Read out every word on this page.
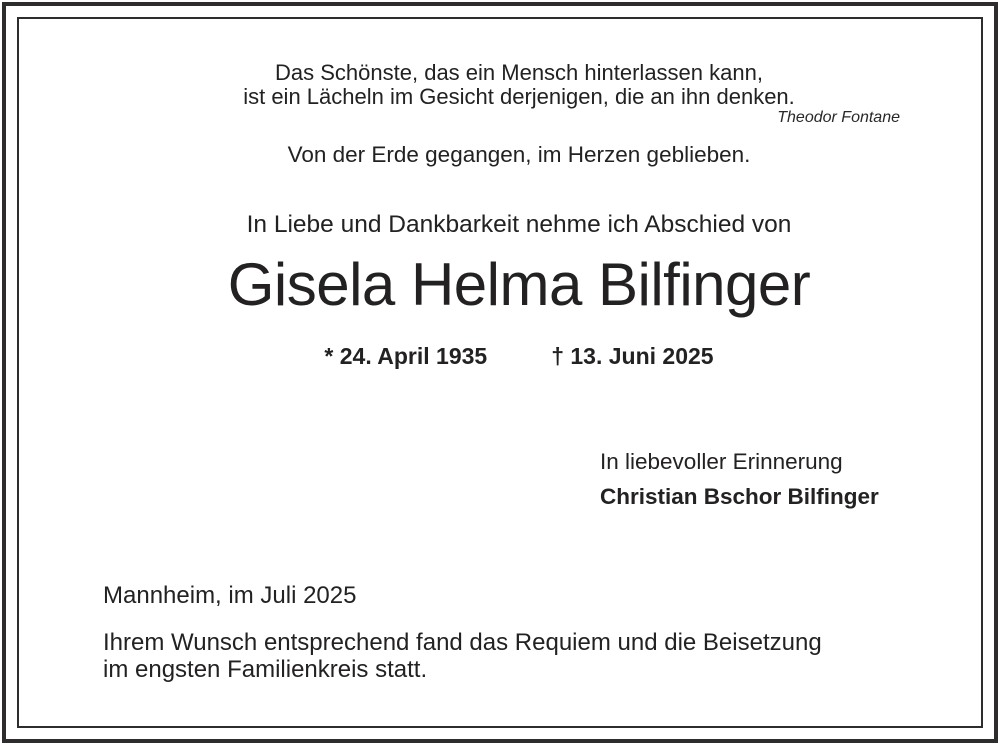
Das Schönste, das ein Mensch hinterlassen kann,
ist ein Lächeln im Gesicht derjenigen, die an ihn denken.
Theodor Fontane
Von der Erde gegangen, im Herzen geblieben.
In Liebe und Dankbarkeit nehme ich Abschied von
Gisela Helma Bilfinger
* 24. April 1935	† 13. Juni 2025
In liebevoller Erinnerung
Christian Bschor Bilfinger
Mannheim, im Juli 2025
Ihrem Wunsch entsprechend fand das Requiem und die Beisetzung
im engsten Familienkreis statt.
